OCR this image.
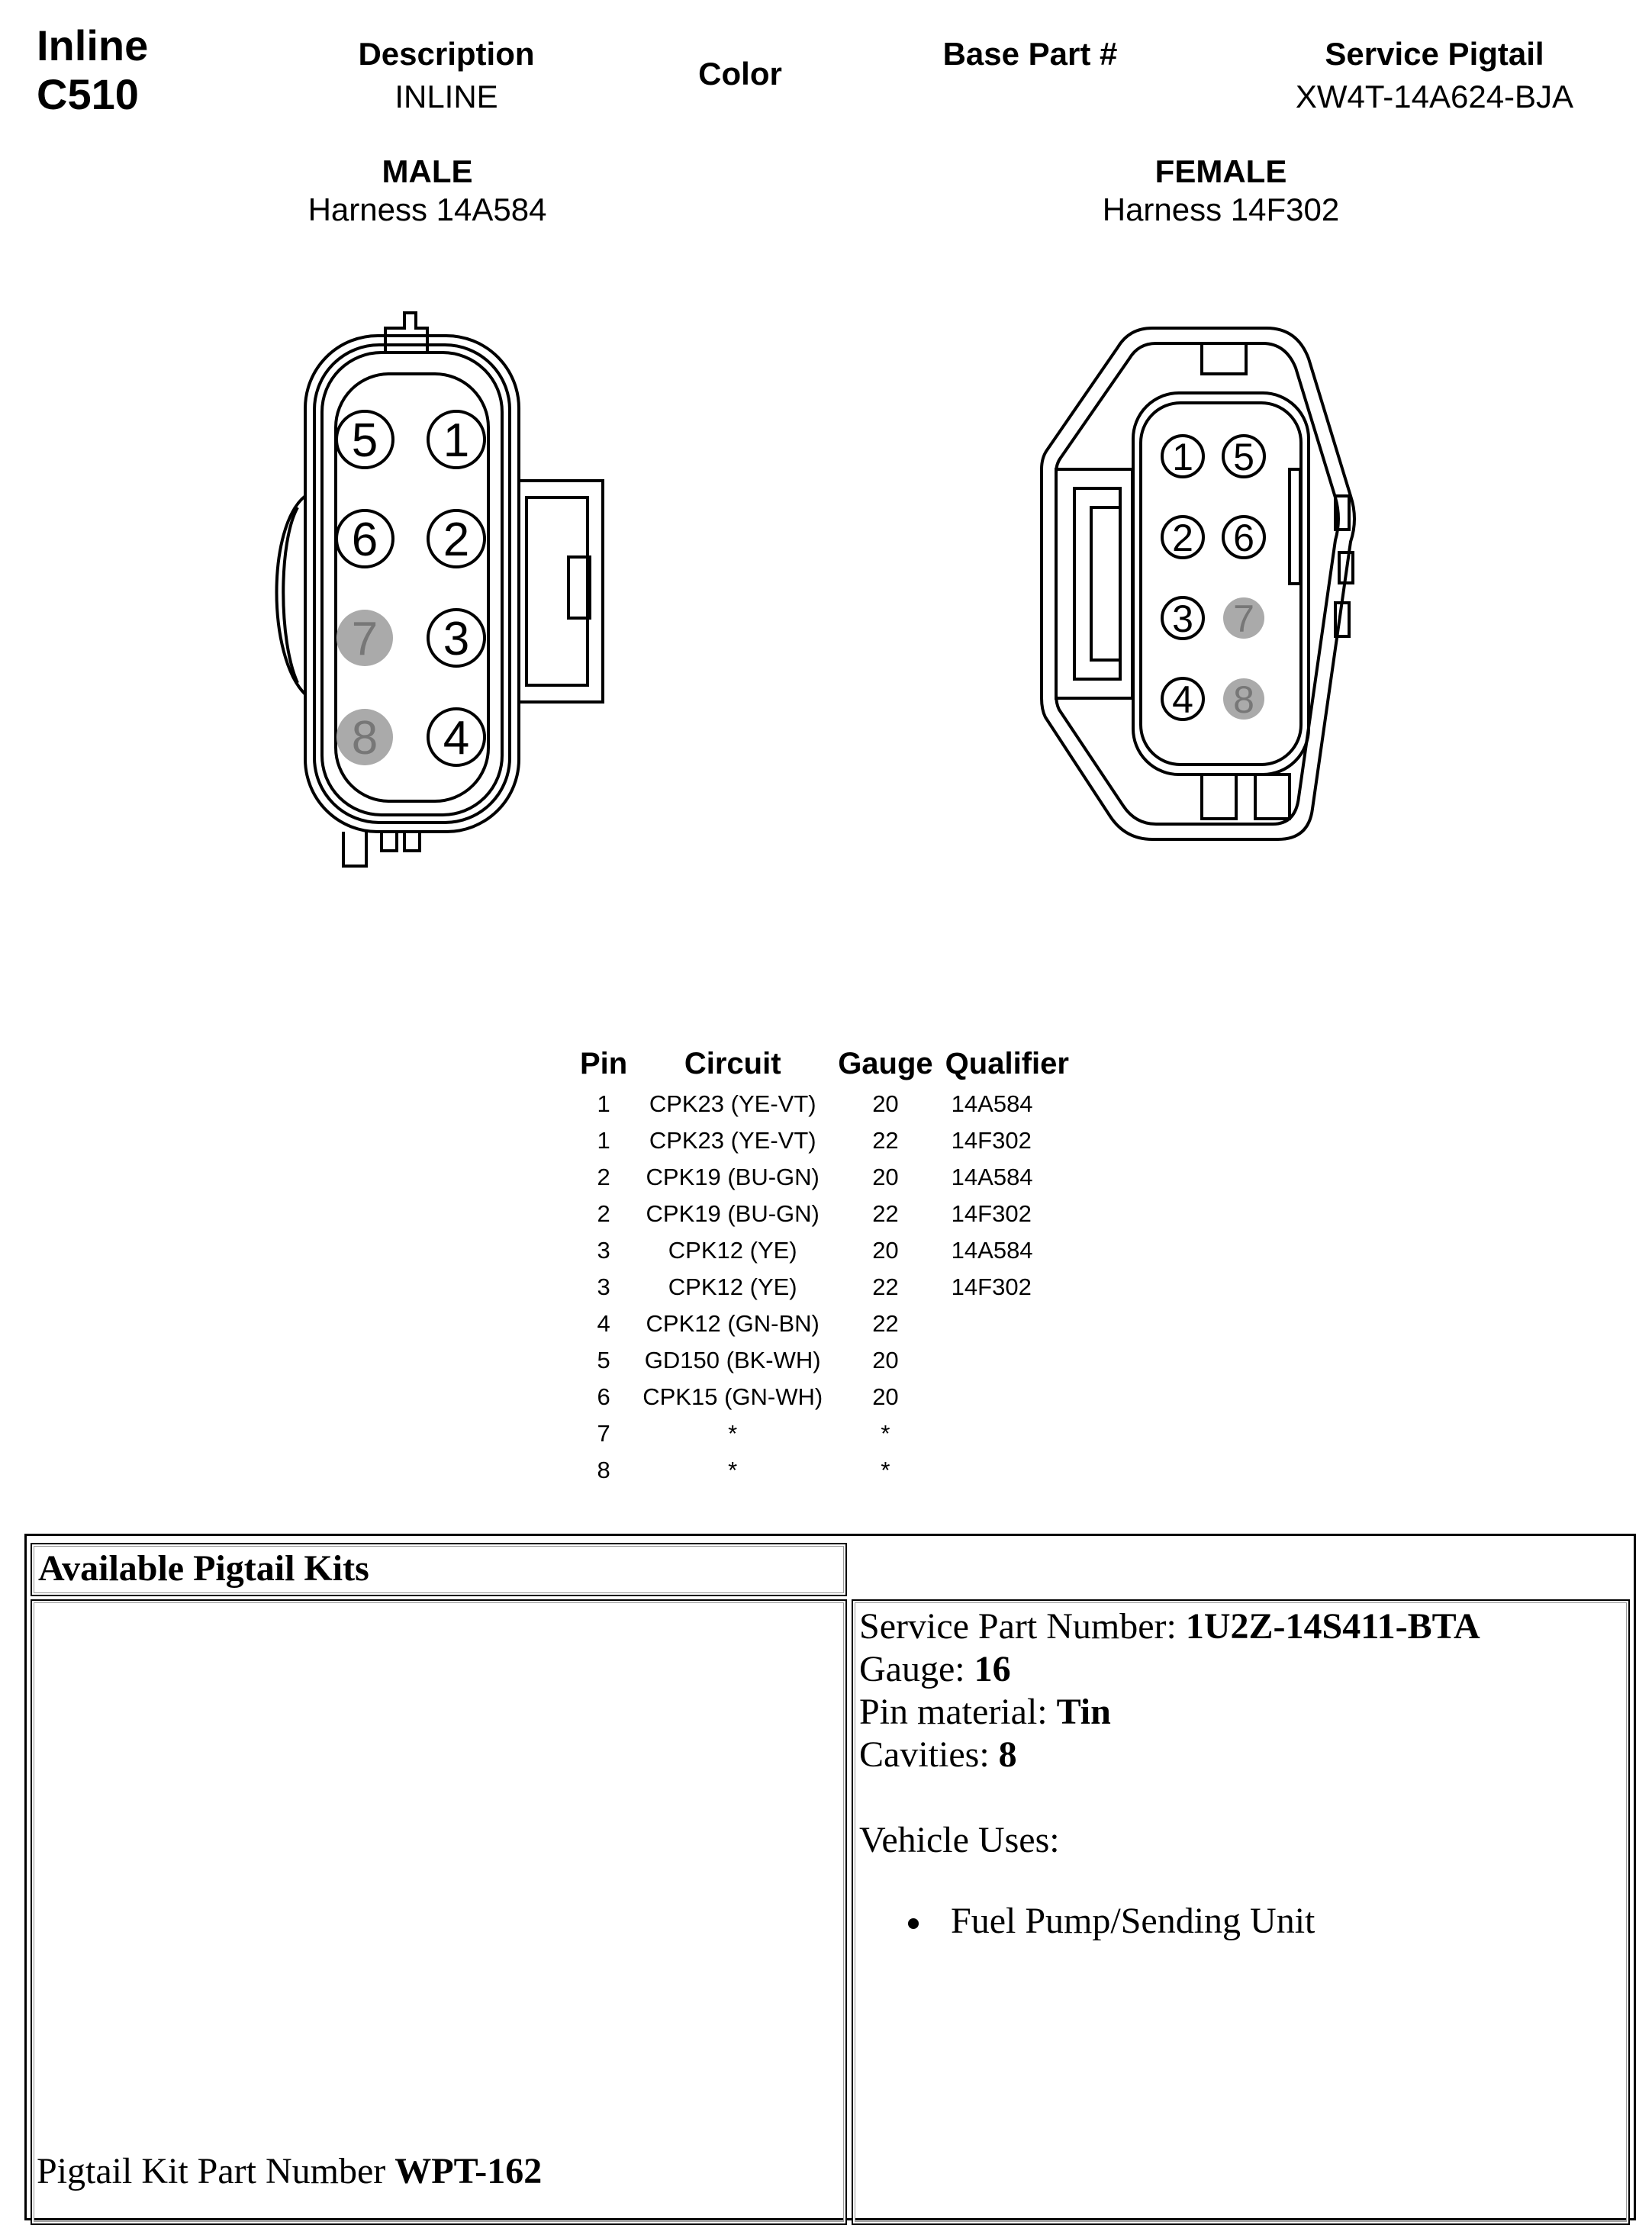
Inline
C510
Description
INLINE
Color
Base Part #	Service Pigtail
XW4T-14A624-BJA
MALE
Harness 14A584
FEMALE
Harness 14F302
5 1
6 2
7 3
8 4
1 5
2 6
3 7
4 8
Pin	Circuit	Gauge	Qualifier
1	CPK23 (YE-VT)	20	14A584
1	CPK23 (YE-VT)	22	14F302
2	CPK19 (BU-GN)	20	14A584
2	CPK19 (BU-GN)	22	14F302
3	CPK12 (YE)	20	14A584
3	CPK12 (YE)	22	14F302
4	CPK12 (GN-BN)	22	
5	GD150 (BK-WH)	20	
6	CPK15 (GN-WH)	20	
7	*	*	
8	*	*	
Available Pigtail Kits
Service Part Number: 1U2Z-14S411-BTA
Gauge: 16
Pin material: Tin
Cavities: 8
Vehicle Uses:
Fuel Pump/Sending Unit
Pigtail Kit Part Number WPT-162
